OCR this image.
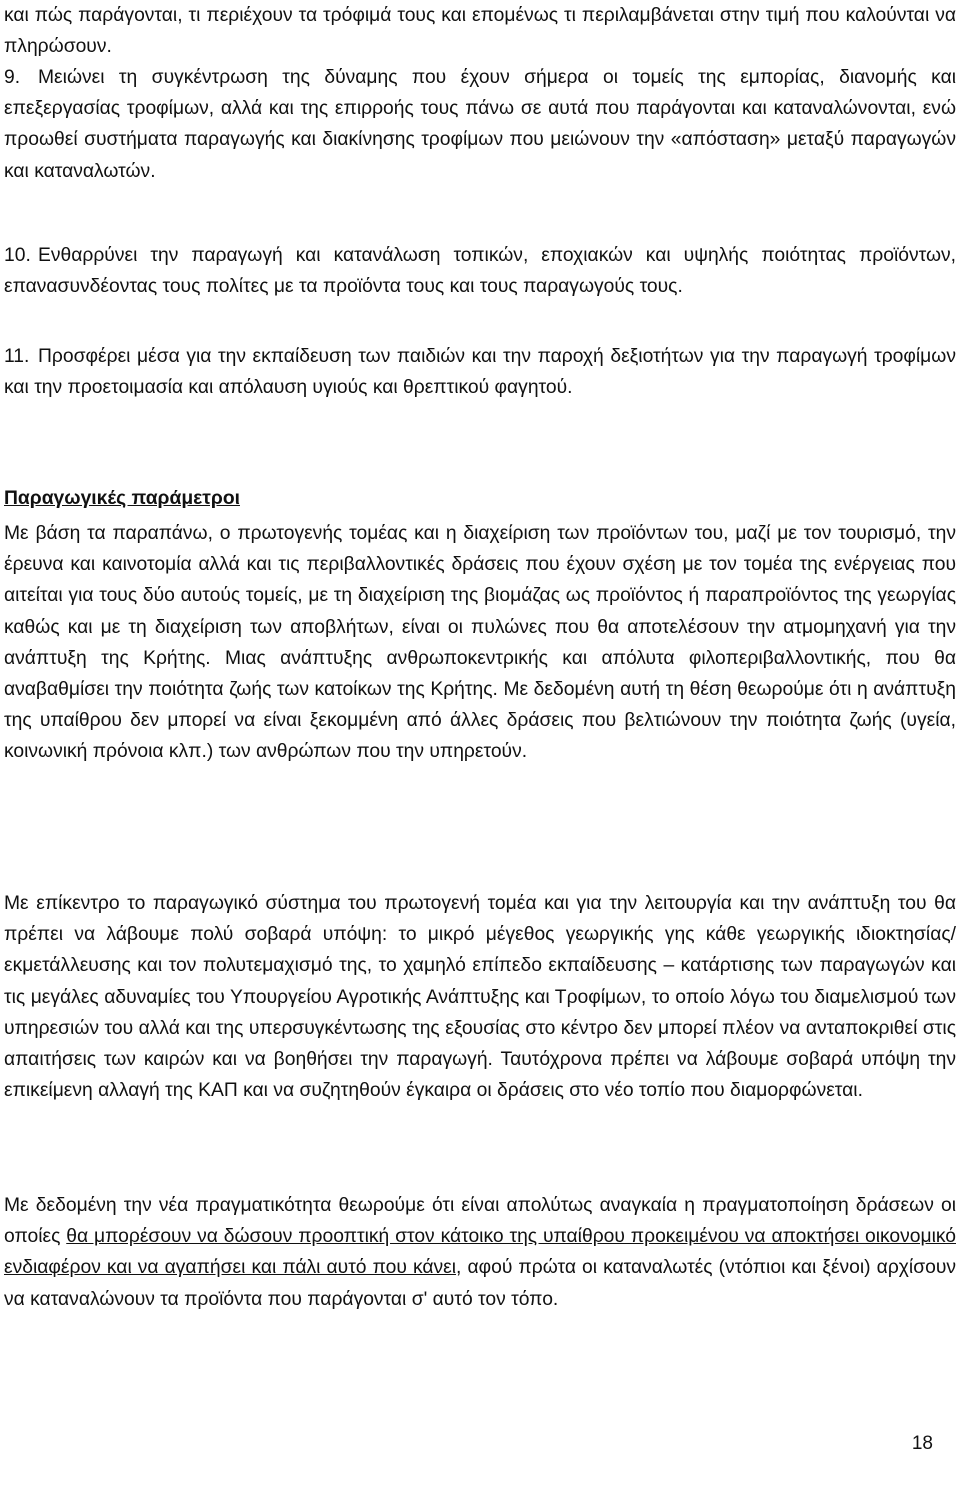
και πώς παράγονται, τι περιέχουν τα τρόφιμά τους και επομένως τι περιλαμβάνεται στην τιμή που καλούνται να πληρώσουν.

9. Μειώνει τη συγκέντρωση της δύναμης που έχουν σήμερα οι τομείς της εμπορίας, διανομής και επεξεργασίας τροφίμων, αλλά και της επιρροής τους πάνω σε αυτά που παράγονται και καταναλώνονται, ενώ προωθεί συστήματα παραγωγής και διακίνησης τροφίμων που μειώνουν την «απόσταση» μεταξύ παραγωγών και καταναλωτών.
10. Ενθαρρύνει την παραγωγή και κατανάλωση τοπικών, εποχιακών και υψηλής ποιότητας προϊόντων, επανασυνδέοντας τους πολίτες με τα προϊόντα τους και τους παραγωγούς τους.
11. Προσφέρει μέσα για την εκπαίδευση των παιδιών και την παροχή δεξιοτήτων για την παραγωγή τροφίμων και την προετοιμασία και απόλαυση υγιούς και θρεπτικού φαγητού.
Παραγωγικές παράμετροι

Με βάση τα παραπάνω, ο πρωτογενής τομέας και η διαχείριση των προϊόντων του, μαζί με τον τουρισμό, την έρευνα και καινοτομία αλλά και τις περιβαλλοντικές δράσεις που έχουν σχέση με τον τομέα της ενέργειας που αιτείται για τους δύο αυτούς τομείς, με τη διαχείριση της βιομάζας ως προϊόντος ή παραπροϊόντος της γεωργίας καθώς και με τη διαχείριση των αποβλήτων, είναι οι πυλώνες που θα αποτελέσουν την ατμομηχανή για την ανάπτυξη της Κρήτης. Μιας ανάπτυξης ανθρωποκεντρικής και απόλυτα φιλοπεριβαλλοντικής, που θα αναβαθμίσει την ποιότητα ζωής των κατοίκων της Κρήτης. Με δεδομένη αυτή τη θέση θεωρούμε ότι η ανάπτυξη της υπαίθρου δεν μπορεί να είναι ξεκομμένη από άλλες δράσεις που βελτιώνουν την ποιότητα ζωής (υγεία, κοινωνική πρόνοια κλπ.) των ανθρώπων που την υπηρετούν.

Με επίκεντρο το παραγωγικό σύστημα του πρωτογενή τομέα και για την λειτουργία και την ανάπτυξη του θα πρέπει να λάβουμε πολύ σοβαρά υπόψη: το μικρό μέγεθος γεωργικής γης κάθε γεωργικής ιδιοκτησίας/ εκμετάλλευσης και τον πολυτεμαχισμό της, το χαμηλό επίπεδο εκπαίδευσης – κατάρτισης των παραγωγών και τις μεγάλες αδυναμίες του Υπουργείου Αγροτικής Ανάπτυξης και Τροφίμων, το οποίο λόγω του διαμελισμού των υπηρεσιών του αλλά και της υπερσυγκέντωσης της εξουσίας στο κέντρο δεν μπορεί πλέον να ανταποκριθεί στις απαιτήσεις των καιρών και να βοηθήσει την παραγωγή. Ταυτόχρονα πρέπει να λάβουμε σοβαρά υπόψη την επικείμενη αλλαγή της ΚΑΠ και να συζητηθούν έγκαιρα οι δράσεις στο νέο τοπίο που διαμορφώνεται.

Με δεδομένη την νέα πραγματικότητα θεωρούμε ότι είναι απολύτως αναγκαία η πραγματοποίηση δράσεων οι οποίες θα μπορέσουν να δώσουν προοπτική στον κάτοικο της υπαίθρου προκειμένου να αποκτήσει οικονομικό ενδιαφέρον και να αγαπήσει και πάλι αυτό που κάνει, αφού πρώτα οι καταναλωτές (ντόπιοι και ξένοι) αρχίσουν να καταναλώνουν τα προϊόντα που παράγονται σ' αυτό τον τόπο.

18
